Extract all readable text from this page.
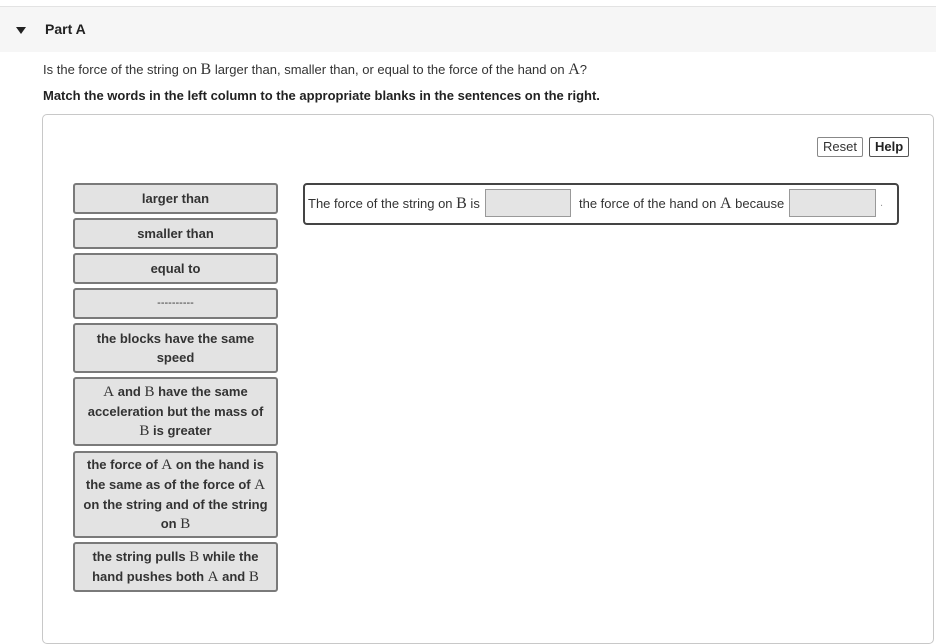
Part A
Is the force of the string on B larger than, smaller than, or equal to the force of the hand on A?
Match the words in the left column to the appropriate blanks in the sentences on the right.
Reset	Help
larger than
smaller than
equal to
----------
the blocks have the same speed
A and B have the same acceleration but the mass of B is greater
the force of A on the hand is the same as of the force of A on the string and of the string on B
the string pulls B while the hand pushes both A and B
The force of the string on B is	the force of the hand on A because	.
